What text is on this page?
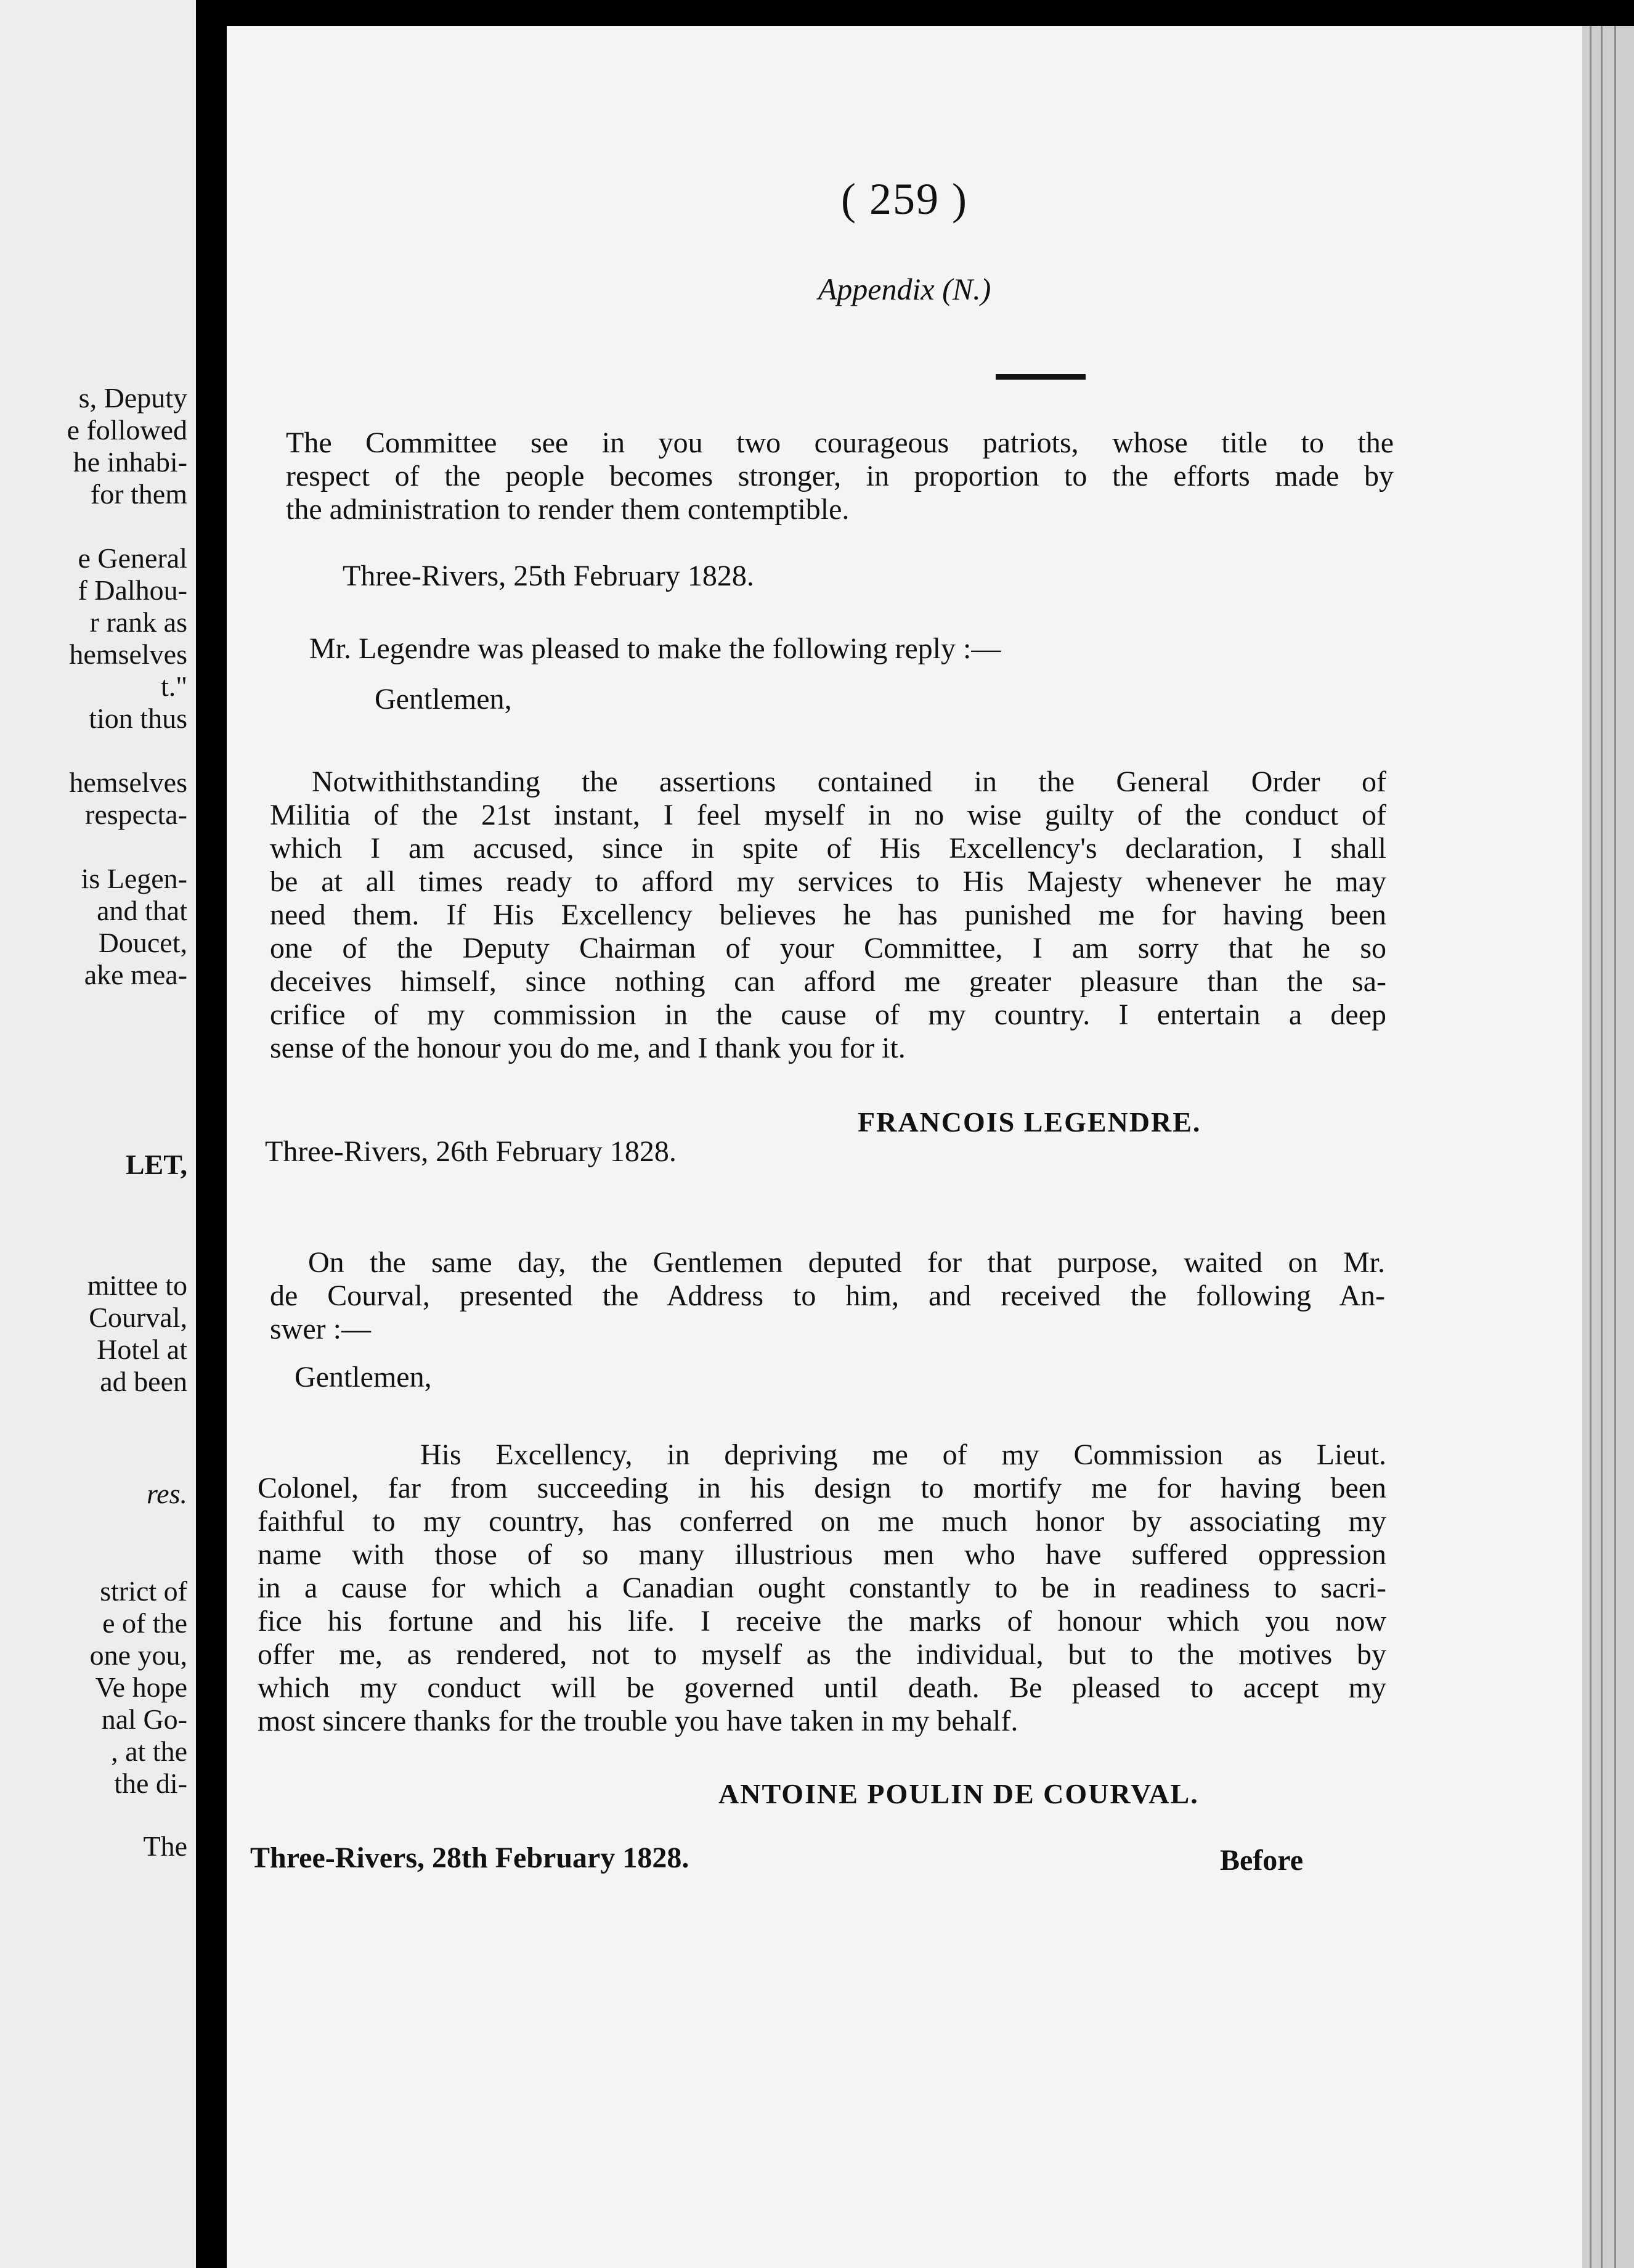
s, Deputy
e followed
he inhabi-
for them
e General
f Dalhou-
r rank as
hemselves
t."
tion thus
hemselves
respecta-
is Legen-
and that
Doucet,
ake mea-
LET,
mittee to
Courval,
Hotel at
ad been
res.
strict of
e of the
one you,
Ve hope
nal Go-
, at the
the di-
The
( 259 )
Appendix (N.)
The Committee see in you two courageous patriots, whose title to the
respect of the people becomes stronger, in proportion to the efforts made by
the administration to render them contemptible.
Three-Rivers, 25th February 1828.
Mr. Legendre was pleased to make the following reply :—
Gentlemen,
Notwithithstanding the assertions contained in the General Order of
Militia of the 21st instant, I feel myself in no wise guilty of the conduct of
which I am accused, since in spite of His Excellency's declaration, I shall
be at all times ready to afford my services to His Majesty whenever he may
need them. If His Excellency believes he has punished me for having been
one of the Deputy Chairman of your Committee, I am sorry that he so
deceives himself, since nothing can afford me greater pleasure than the sa-
crifice of my commission in the cause of my country. I entertain a deep
sense of the honour you do me, and I thank you for it.
FRANCOIS LEGENDRE.
Three-Rivers, 26th February 1828.
On the same day, the Gentlemen deputed for that purpose, waited on Mr.
de Courval, presented the Address to him, and received the following An-
swer :—
Gentlemen,
His Excellency, in depriving me of my Commission as Lieut.
Colonel, far from succeeding in his design to mortify me for having been
faithful to my country, has conferred on me much honor by associating my
name with those of so many illustrious men who have suffered oppression
in a cause for which a Canadian ought constantly to be in readiness to sacri-
fice his fortune and his life. I receive the marks of honour which you now
offer me, as rendered, not to myself as the individual, but to the motives by
which my conduct will be governed until death. Be pleased to accept my
most sincere thanks for the trouble you have taken in my behalf.
ANTOINE POULIN DE COURVAL.
Three-Rivers, 28th February 1828.	Before
